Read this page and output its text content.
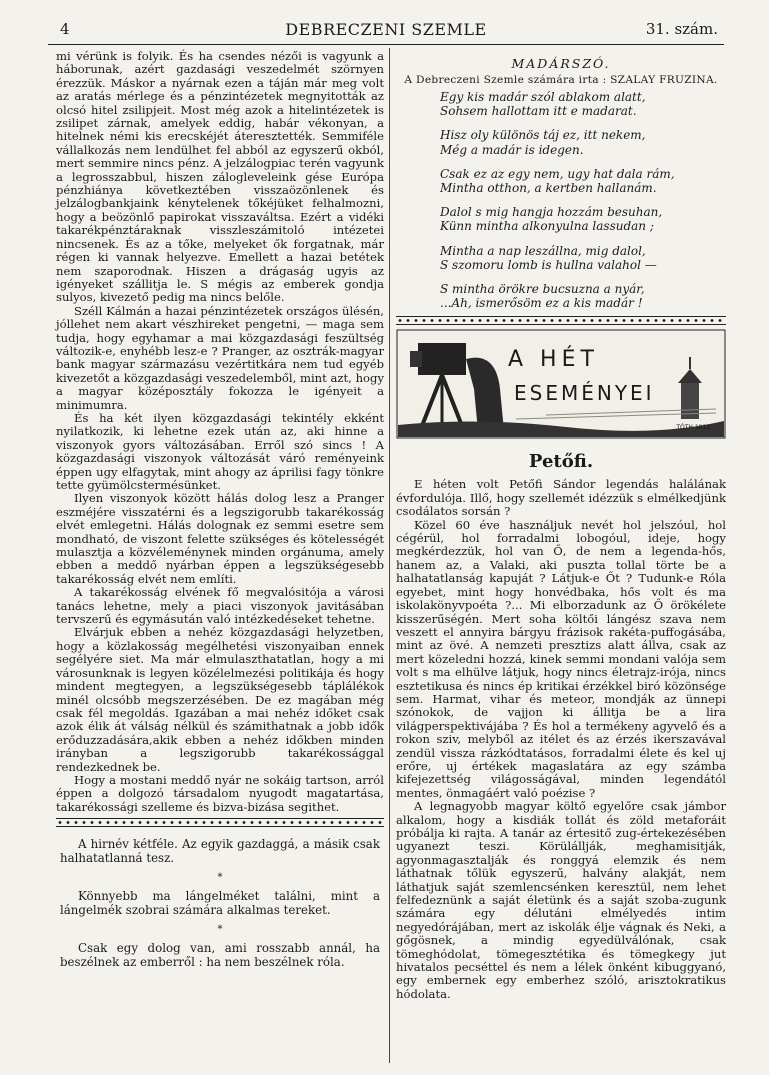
4	DEBRECZENI SZEMLE	31. szám.

mi vérünk is folyik. És ha csendes nézői is vagyunk a háborunak, azért gazdasági veszedelmét szörnyen érezzük. Máskor a nyárnak ezen a táján már meg volt az aratás mérlege és a pénzintézetek megnyitották az olcsó hitel zsilipjeit. Most még azok a hitelintézetek is zsilipet zárnak, amelyek eddig, habár vékonyan, a hitelnek némi kis erecskéjét áteresztették. Semmiféle vállalkozás nem lendülhet fel abból az egyszerű okból, mert semmire nincs pénz. A jelzálogpiac terén vagyunk a legrosszabbul, hiszen zálogleveleink gése Európa pénzhiánya következtében visszaözönlenek és jelzálogbankjaink kénytelenek tőkéjüket felhalmozni, hogy a beözönlő papirokat visszaváltsa. Ezért a vidéki takarékpénztáraknak visszleszámitoló intézetei nincsenek. És az a tőke, melyeket ők forgatnak, már régen ki vannak helyezve. Emellett a hazai betétek nem szaporodnak. Hiszen a drágaság ugyis az igényeket szállitja le. S mégis az emberek gondja sulyos, kivezető pedig ma nincs belőle.

Széll Kálmán a hazai pénzintézetek országos ülésén, jóllehet nem akart vészhireket pengetni, — maga sem tudja, hogy egyhamar a mai közgazdasági feszültség változik-e, enyhébb lesz-e ? Pranger, az osztrák-magyar bank magyar származásu vezértitkára nem tud egyéb kivezetőt a közgazdasági veszedelemből, mint azt, hogy a magyar középosztály fokozza le igényeit a minimumra.

És ha két ilyen közgazdasági tekintély ekként nyilatkozik, ki lehetne ezek után az, aki hinne a viszonyok gyors változásában. Erről szó sincs ! A közgazdasági viszonyok változását váró reményeink éppen ugy elfagytak, mint ahogy az áprilisi fagy tönkre tette gyümölcstermésünket.

Ilyen viszonyok között hálás dolog lesz a Pranger eszméjére visszatérni és a legszigorubb takarékosság elvét emlegetni. Hálás dolognak ez semmi esetre sem mondható, de viszont felette szükséges és kötelességét mulasztja a közvéleménynek minden orgánuma, amely ebben a meddő nyárban éppen a legszükségesebb takarékosság elvét nem említi.

A takarékosság elvének fő megvalósitója a városi tanács lehetne, mely a piaci viszonyok javitásában tervszerű és egymásután való intézkedéseket tehetne.

Elvárjuk ebben a nehéz közgazdasági helyzetben, hogy a közlakosság megélhetési viszonyaiban ennek segélyére siet. Ma már elmulaszthatatlan, hogy a mi városunknak is legyen közélelmezési politikája és hogy mindent megtegyen, a legszükségesebb táplálékok minél olcsóbb megszerzésében. De ez magában még csak fél megoldás. Igazában a mai nehéz időket csak azok élik át válság nélkül és számithatnak a jobb idők erőduzzadására,akik ebben a nehéz időkben minden irányban a legszigorubb takarékossággal rendezkednek be.

Hogy a mostani meddő nyár ne sokáig tartson, arról éppen a dolgozó társadalom nyugodt magatartása, takarékossági szelleme és bizva-bizása segithet.

A hirnév kétféle. Az egyik gazdaggá, a másik csak halhatatlanná tesz.

*

Könnyebb ma lángelméket találni, mint a lángelmék szobrai számára alkalmas tereket.

*

Csak egy dolog van, ami rosszabb annál, ha beszélnek az emberről : ha nem beszélnek róla.

MADÁRSZÓ.
A Debreczeni Szemle számára irta : SZALAY FRUZINA.
Egy kis madár szól ablakom alatt,
Sohsem hallottam itt e madarat.
Hisz oly különös táj ez, itt nekem,
Még a madár is idegen.
Csak ez az egy nem, ugy hat dala rám,
Mintha otthon, a kertben hallanám.
Dalol s mig hangja hozzám besuhan,
Künn mintha alkonyulna lassudan ;
Mintha a nap leszállna, mig dalol,
S szomoru lomb is hullna valahol —
S mintha örökre bucsuzna a nyár,
...Ah, ismerősöm ez a kis madár !
A HÉT
ESEMÉNYEI
TÓTH 1912.
Petőfi.

E héten volt Petőfi Sándor legendás halálának évfordulója. Illő, hogy szellemét idézzük s elmélkedjünk csodálatos sorsán ?

Közel 60 éve használjuk nevét hol jelszóul, hol cégérül, hol forradalmi lobogóul, ideje, hogy megkérdezzük, hol van Ő, de nem a legenda-hős, hanem az, a Valaki, aki puszta tollal törte be a halhatatlanság kapuját ? Látjuk-e Őt ? Tudunk-e Róla egyebet, mint hogy honvédbaka, hős volt és ma iskolakönyvpoéta ?... Mi elborzadunk az Ő örökélete kisszerűségén. Mert soha költői lángész szava nem veszett el annyira bárgyu frázisok rakéta-puffogásába, mint az övé. A nemzeti presztizs alatt állva, csak az mert közeledni hozzá, kinek semmi mondani valója sem volt s ma elhülve látjuk, hogy nincs életrajz-irója, nincs esztetikusa és nincs ép kritikai érzékkel biró közönsége sem. Harmat, vihar és meteor, mondják az ünnepi szónokok, de vajjon ki állitja be a lira világperspektivájába ? És hol a termékeny agyvelő és a rokon sziv, melyből az itélet és az érzés ikerszavával zendül vissza rázkódtatásos, forradalmi élete és kel uj erőre, uj értékek magaslatára az egy számba kifejezettség világosságával, minden legendától mentes, önmagáért való poézise ?

A legnagyobb magyar költő egyelőre csak jámbor alkalom, hogy a kisdiák tollát és zöld metaforáit próbálja ki rajta. A tanár az értesitő zug-értekezésében ugyanezt teszi. Körülállják, meghamisitják, agyonmagasztalják és ronggyá elemzik és nem láthatnak tőlük egyszerű, halvány alakját, nem láthatjuk saját szemlencsénken keresztül, nem lehet felfedeznünk a saját életünk és a saját szoba-zugunk számára egy délutáni elmélyedés intim negyedórájában, mert az iskolák élje vágnak és Neki, a gőgösnek, a mindig egyedülválónak, csak tömeghódolat, tömegesztétika és tömegkegy jut hivatalos pecséttel és nem a lélek önként kibuggyanó, egy embernek egy emberhez szóló, arisztokratikus hódolata.
